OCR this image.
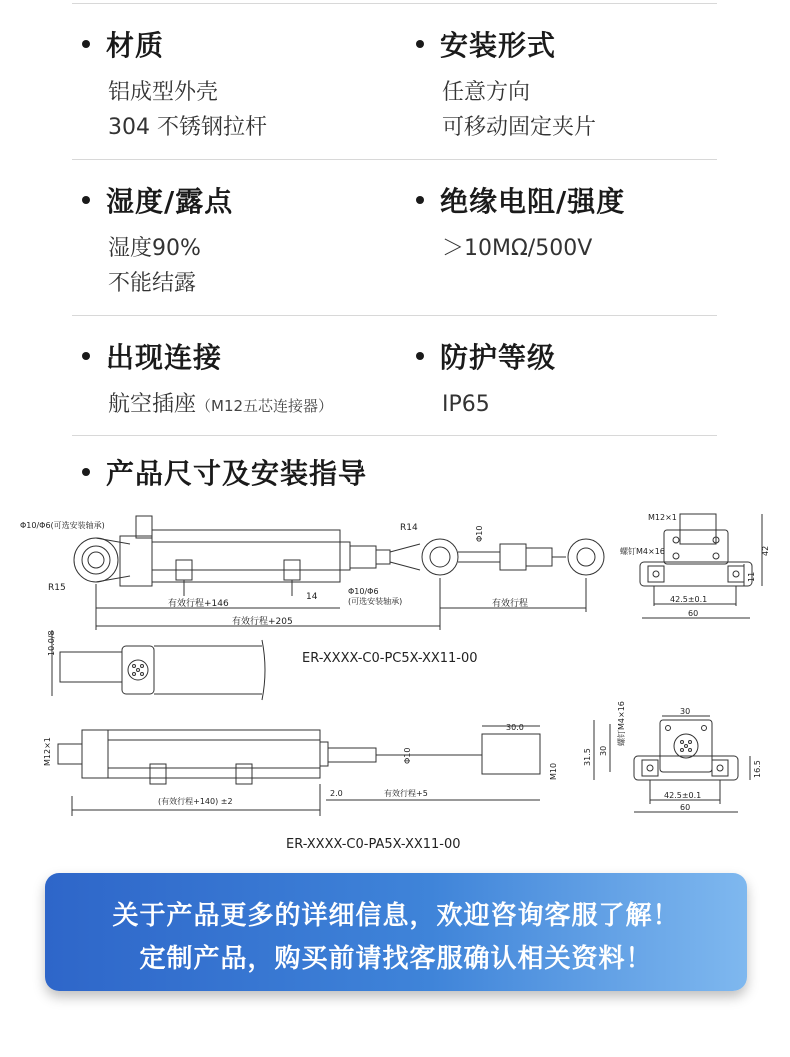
材质
铝成型外壳
304 不锈钢拉杆
安装形式
任意方向
可移动固定夹片
湿度/露点
湿度90%
不能结露
绝缘电阻/强度
＞10MΩ/500V
出现连接
航空插座（M12五芯连接器）
防护等级
IP65
产品尺寸及安装指导
Φ10/Φ6(可选安装轴承)
R15
R14	Φ10
Φ10/Φ6
(可选安装轴承)
有效行程+146
14
有效行程+205
有效行程
M12×1
螺钉M4×16	42
11
42.5±0.1
60
10.0/8
ER-XXXX-C0-PC5X-XX11-00
M12×1
30.0
Φ10
M10
2.0
(有效行程+140) ±2
有效行程+5
30
螺钉M4×16
31.5 30
16.5
42.5±0.1
60
ER-XXXX-C0-PA5X-XX11-00
关于产品更多的详细信息，欢迎咨询客服了解！
定制产品，购买前请找客服确认相关资料！
